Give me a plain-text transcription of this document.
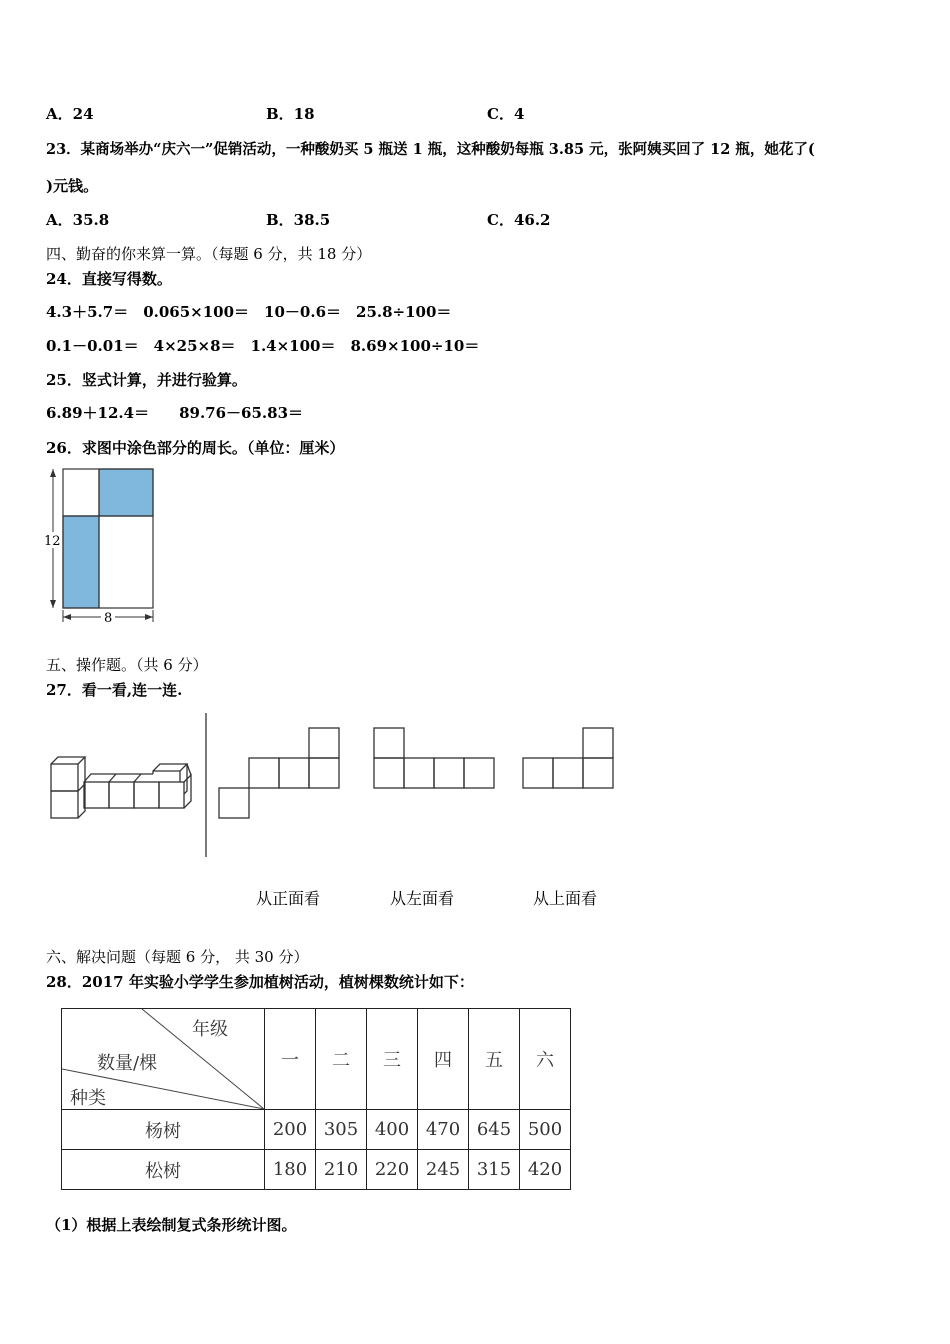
A．24	B．18	C．4
23．某商场举办“庆六一”促销活动，一种酸奶买 5 瓶送 1 瓶，这种酸奶每瓶 3.85 元，张阿姨买回了 12 瓶，她花了(
)元钱。
A．35.8	B．38.5	C．46.2
四、勤奋的你来算一算。（每题 6 分，共 18 分）
24．直接写得数。
4.3＋5.7＝　0.065×100＝　10－0.6＝　25.8÷100＝
0.1－0.01＝　4×25×8＝　1.4×100＝　8.69×100÷10＝
25．竖式计算，并进行验算。
6.89＋12.4＝　　89.76－65.83＝
26．求图中涂色部分的周长。（单位：厘米）
12
8
五、操作题。（共 6 分）
27．看一看,连一连.
从正面看	从左面看	从上面看
六、解决问题（每题 6 分， 共 30 分）
28．2017 年实验小学学生参加植树活动，植树棵数统计如下：
年级
数量/棵
种类	一	二	三	四	五	六
杨树	200	305	400	470	645	500
松树	180	210	220	245	315	420
（1）根据上表绘制复式条形统计图。
